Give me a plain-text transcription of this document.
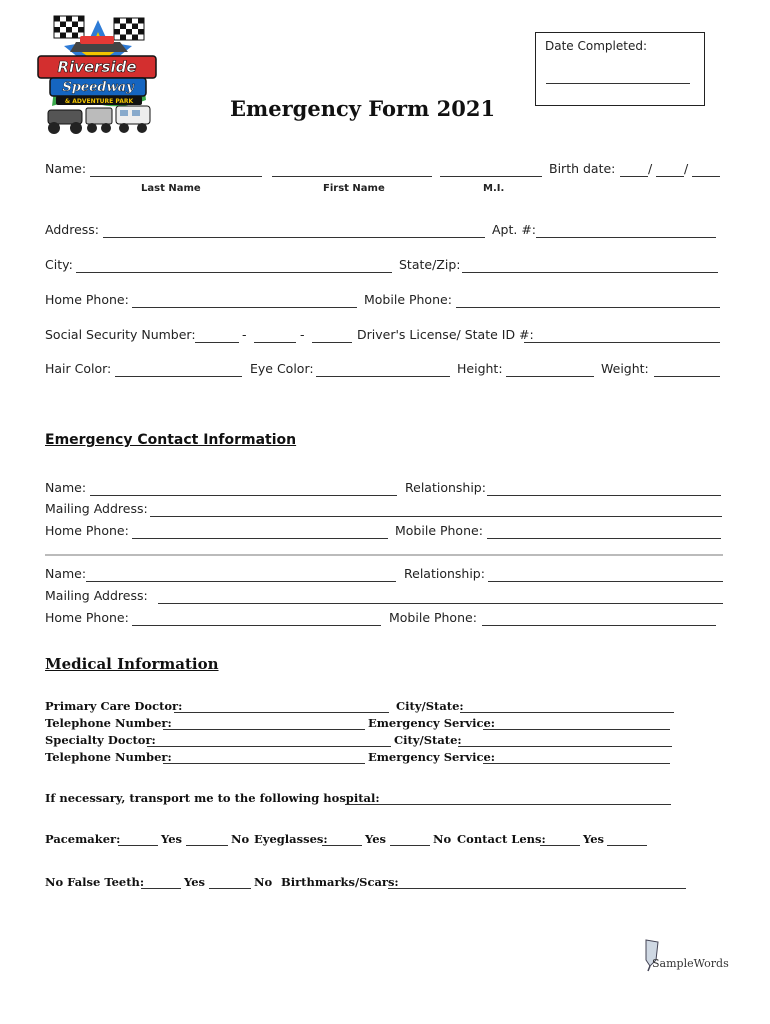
Riverside
Speedway
& ADVENTURE PARK
Date Completed:
Emergency Form 2021
Name:	Birth date:	/	/
Last Name	First Name	M.I.
Address:	Apt. #:
City:	State/Zip:
Home Phone:	Mobile Phone:
Social Security Number:	-	-	Driver's License/ State ID #:
Hair Color:	Eye Color:	Height:	Weight:
Emergency Contact Information
Name:	Relationship:
Mailing Address:
Home Phone:	Mobile Phone:
Name:	Relationship:
Mailing Address:
Home Phone:	Mobile Phone:
Medical Information
Primary Care Doctor:	City/State:
Telephone Number:	Emergency Service:
Specialty Doctor:	City/State:
Telephone Number:	Emergency Service:
If necessary, transport me to the following hospital:
Pacemaker:	Yes	No Eyeglasses:	Yes	No Contact Lens:	Yes
No False Teeth:	Yes	No Birthmarks/Scars:
SampleWords
